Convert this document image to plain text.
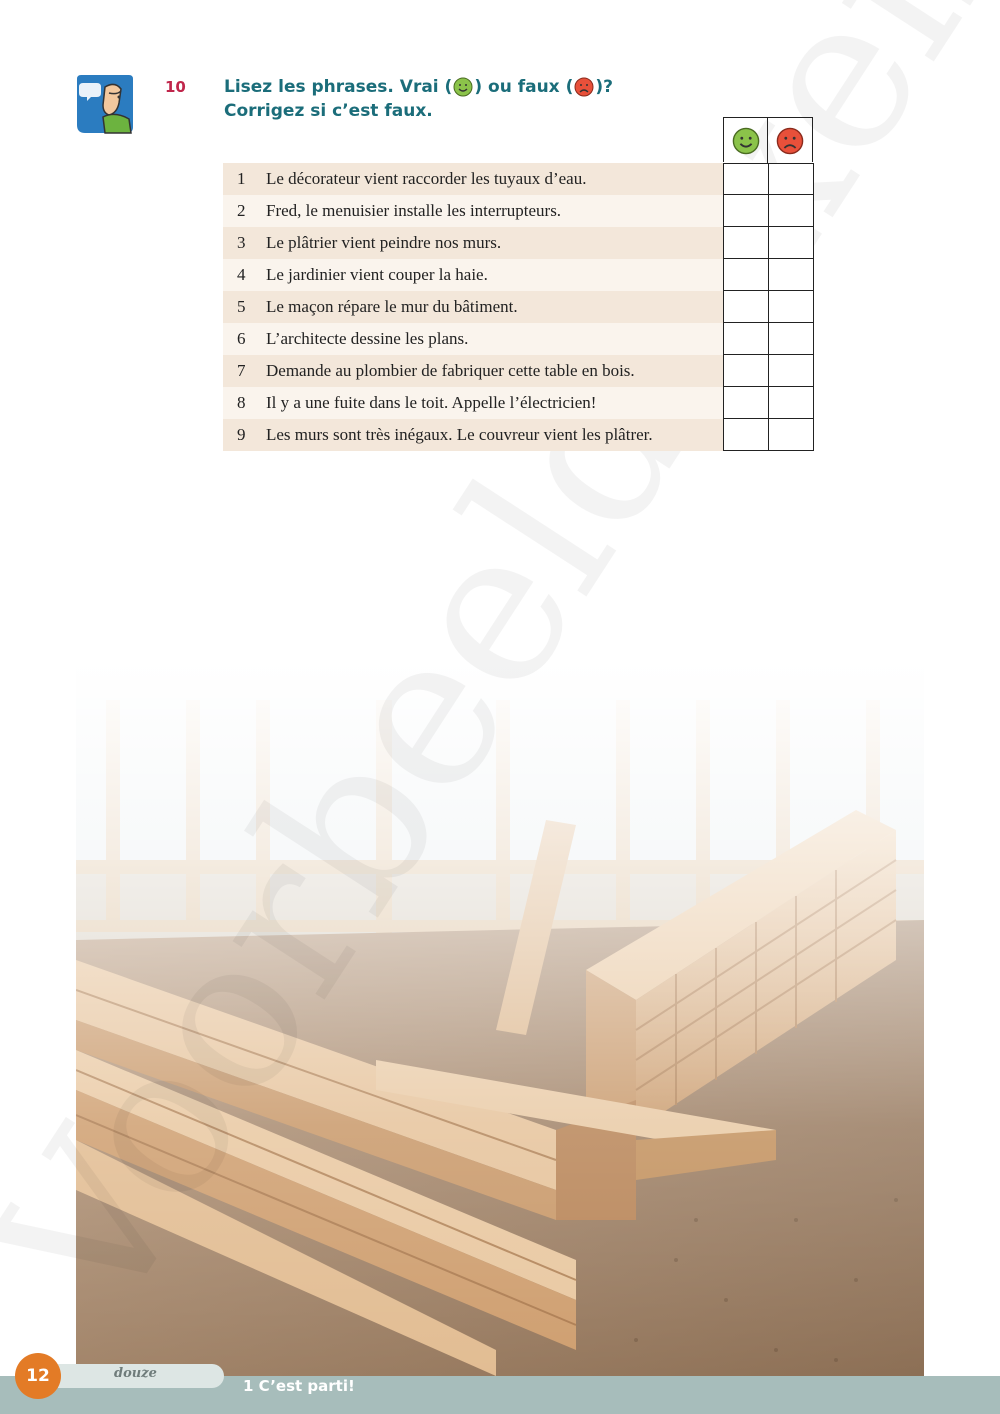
10 Lisez les phrases. Vrai ( ) ou faux ( )?
Corrigez si c’est faux.
1	Le décorateur vient raccorder les tuyaux d’eau.
2	Fred, le menuisier installe les interrupteurs.
3	Le plâtrier vient peindre nos murs.
4	Le jardinier vient couper la haie.
5	Le maçon répare le mur du bâtiment.
6	L’architecte dessine les plans.
7	Demande au plombier de fabriquer cette table en bois.
8	Il y a une fuite dans le toit. Appelle l’électricien!
9	Les murs sont très inégaux. Le couvreur vient les plâtrer.
12	douze
1 C’est parti!
